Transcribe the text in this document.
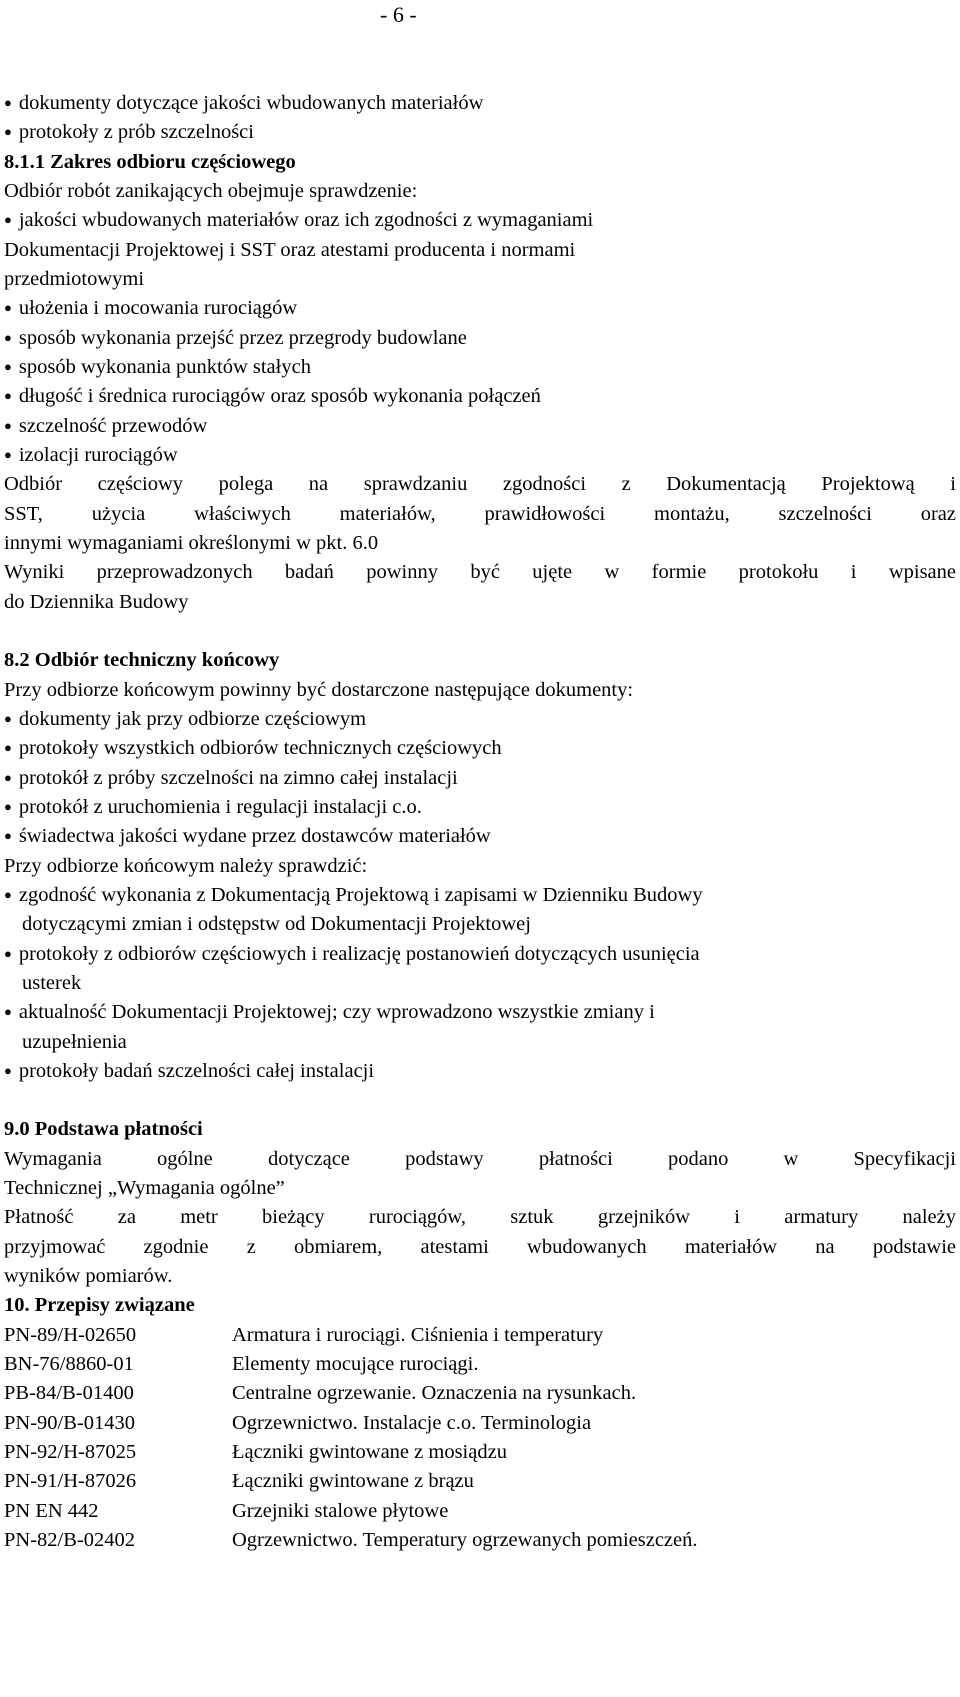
- 6 -
● dokumenty dotyczące jakości wbudowanych materiałów
● protokoły z prób szczelności
8.1.1 Zakres odbioru częściowego
Odbiór robót zanikających obejmuje sprawdzenie:
● jakości wbudowanych materiałów oraz ich zgodności z wymaganiami
Dokumentacji Projektowej i SST oraz atestami producenta i normami
przedmiotowymi
● ułożenia i mocowania rurociągów
● sposób wykonania przejść przez przegrody budowlane
● sposób wykonania punktów stałych
● długość i średnica rurociągów oraz sposób wykonania połączeń
● szczelność przewodów
● izolacji rurociągów
Odbiór częściowy polega na sprawdzaniu zgodności z Dokumentacją Projektową i
SST, użycia właściwych materiałów, prawidłowości montażu, szczelności oraz
innymi wymaganiami określonymi w pkt. 6.0
Wyniki przeprowadzonych badań powinny być ujęte w formie protokołu i wpisane
do Dziennika Budowy
8.2 Odbiór techniczny końcowy
Przy odbiorze końcowym powinny być dostarczone następujące dokumenty:
● dokumenty jak przy odbiorze częściowym
● protokoły wszystkich odbiorów technicznych częściowych
● protokół z próby szczelności na zimno całej instalacji
● protokół z uruchomienia i regulacji instalacji c.o.
● świadectwa jakości wydane przez dostawców materiałów
Przy odbiorze końcowym należy sprawdzić:
● zgodność wykonania z Dokumentacją Projektową i zapisami w Dzienniku Budowy
dotyczącymi zmian i odstępstw od Dokumentacji Projektowej
● protokoły z odbiorów częściowych i realizację postanowień dotyczących usunięcia
usterek
● aktualność Dokumentacji Projektowej; czy wprowadzono wszystkie zmiany i
uzupełnienia
● protokoły badań szczelności całej instalacji
9.0 Podstawa płatności
Wymagania ogólne dotyczące podstawy płatności podano w Specyfikacji
Technicznej „Wymagania ogólne”
Płatność za metr bieżący rurociągów, sztuk grzejników i armatury należy
przyjmować zgodnie z obmiarem, atestami wbudowanych materiałów na podstawie
wyników pomiarów.
10. Przepisy związane
PN-89/H-02650	Armatura i rurociągi. Ciśnienia i temperatury
BN-76/8860-01	Elementy mocujące rurociągi.
PB-84/B-01400	Centralne ogrzewanie. Oznaczenia na rysunkach.
PN-90/B-01430	Ogrzewnictwo. Instalacje c.o. Terminologia
PN-92/H-87025	Łączniki gwintowane z mosiądzu
PN-91/H-87026	Łączniki gwintowane z brązu
PN EN 442	Grzejniki stalowe płytowe
PN-82/B-02402	Ogrzewnictwo. Temperatury ogrzewanych pomieszczeń.
